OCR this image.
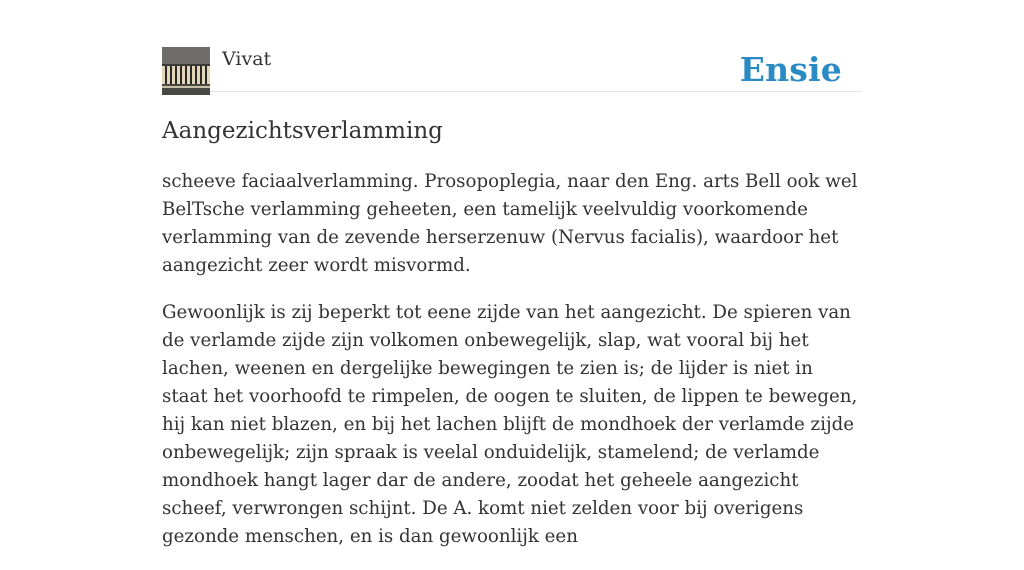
Vivat	Ensie
Aangezichtsverlamming

scheeve faciaalverlamming. Prosopoplegia, naar den Eng. arts Bell ook wel BelTsche verlamming geheeten, een tamelijk veelvuldig voorkomende verlamming van de zevende herserzenuw (Nervus facialis), waardoor het aangezicht zeer wordt misvormd.

Gewoonlijk is zij beperkt tot eene zijde van het aangezicht. De spieren van de verlamde zijde zijn volkomen onbewegelijk, slap, wat vooral bij het lachen, weenen en dergelijke bewegingen te zien is; de lijder is niet in staat het voorhoofd te rimpelen, de oogen te sluiten, de lippen te bewegen, hij kan niet blazen, en bij het lachen blijft de mondhoek der verlamde zijde onbewegelijk; zijn spraak is veelal onduidelijk, stamelend; de verlamde mondhoek hangt lager dar de andere, zoodat het geheele aangezicht scheef, verwrongen schijnt. De A. komt niet zelden voor bij overigens gezonde menschen, en is dan gewoonlijk een
